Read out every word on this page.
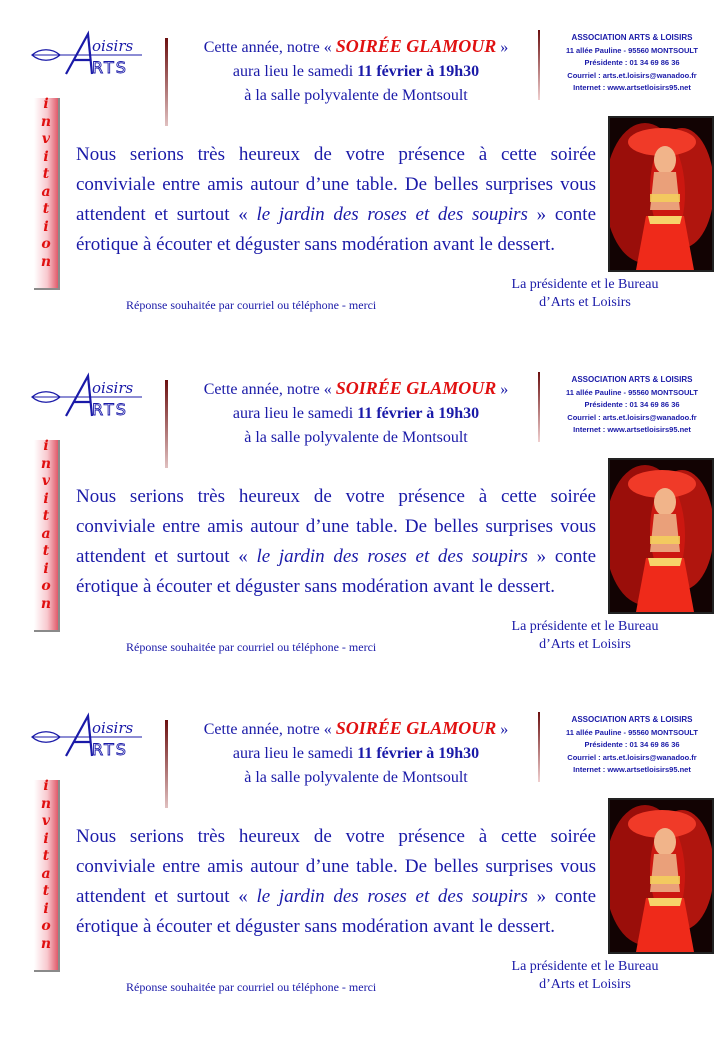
oisirs
RTS
Cette année, notre « SOIRÉE GLAMOUR »
aura lieu le samedi 11 février à 19h30
à la salle polyvalente de Montsoult
ASSOCIATION ARTS & LOISIRS
11 allée Pauline - 95560 MONTSOULT
Présidente : 01 34 69 86 36
Courriel : arts.et.loisirs@wanadoo.fr
Internet : www.artsetloisirs95.net
i
n
v
i
t
a
t
i
o
n
Nous serions très heureux de votre présence à cette soirée conviviale entre amis autour d’une table. De belles surprises vous attendent et surtout « le jardin des roses et des soupirs » conte érotique à écouter et déguster sans modération avant le dessert.
La présidente et le Bureau
d’Arts et Loisirs
Réponse souhaitée par courriel ou téléphone - merci
oisirs
RTS
Cette année, notre « SOIRÉE GLAMOUR »
aura lieu le samedi 11 février à 19h30
à la salle polyvalente de Montsoult
ASSOCIATION ARTS & LOISIRS
11 allée Pauline - 95560 MONTSOULT
Présidente : 01 34 69 86 36
Courriel : arts.et.loisirs@wanadoo.fr
Internet : www.artsetloisirs95.net
i
n
v
i
t
a
t
i
o
n
Nous serions très heureux de votre présence à cette soirée conviviale entre amis autour d’une table. De belles surprises vous attendent et surtout « le jardin des roses et des soupirs » conte érotique à écouter et déguster sans modération avant le dessert.
La présidente et le Bureau
d’Arts et Loisirs
Réponse souhaitée par courriel ou téléphone - merci
oisirs
RTS
Cette année, notre « SOIRÉE GLAMOUR »
aura lieu le samedi 11 février à 19h30
à la salle polyvalente de Montsoult
ASSOCIATION ARTS & LOISIRS
11 allée Pauline - 95560 MONTSOULT
Présidente : 01 34 69 86 36
Courriel : arts.et.loisirs@wanadoo.fr
Internet : www.artsetloisirs95.net
i
n
v
i
t
a
t
i
o
n
Nous serions très heureux de votre présence à cette soirée conviviale entre amis autour d’une table. De belles surprises vous attendent et surtout « le jardin des roses et des soupirs » conte érotique à écouter et déguster sans modération avant le dessert.
La présidente et le Bureau
d’Arts et Loisirs
Réponse souhaitée par courriel ou téléphone - merci
